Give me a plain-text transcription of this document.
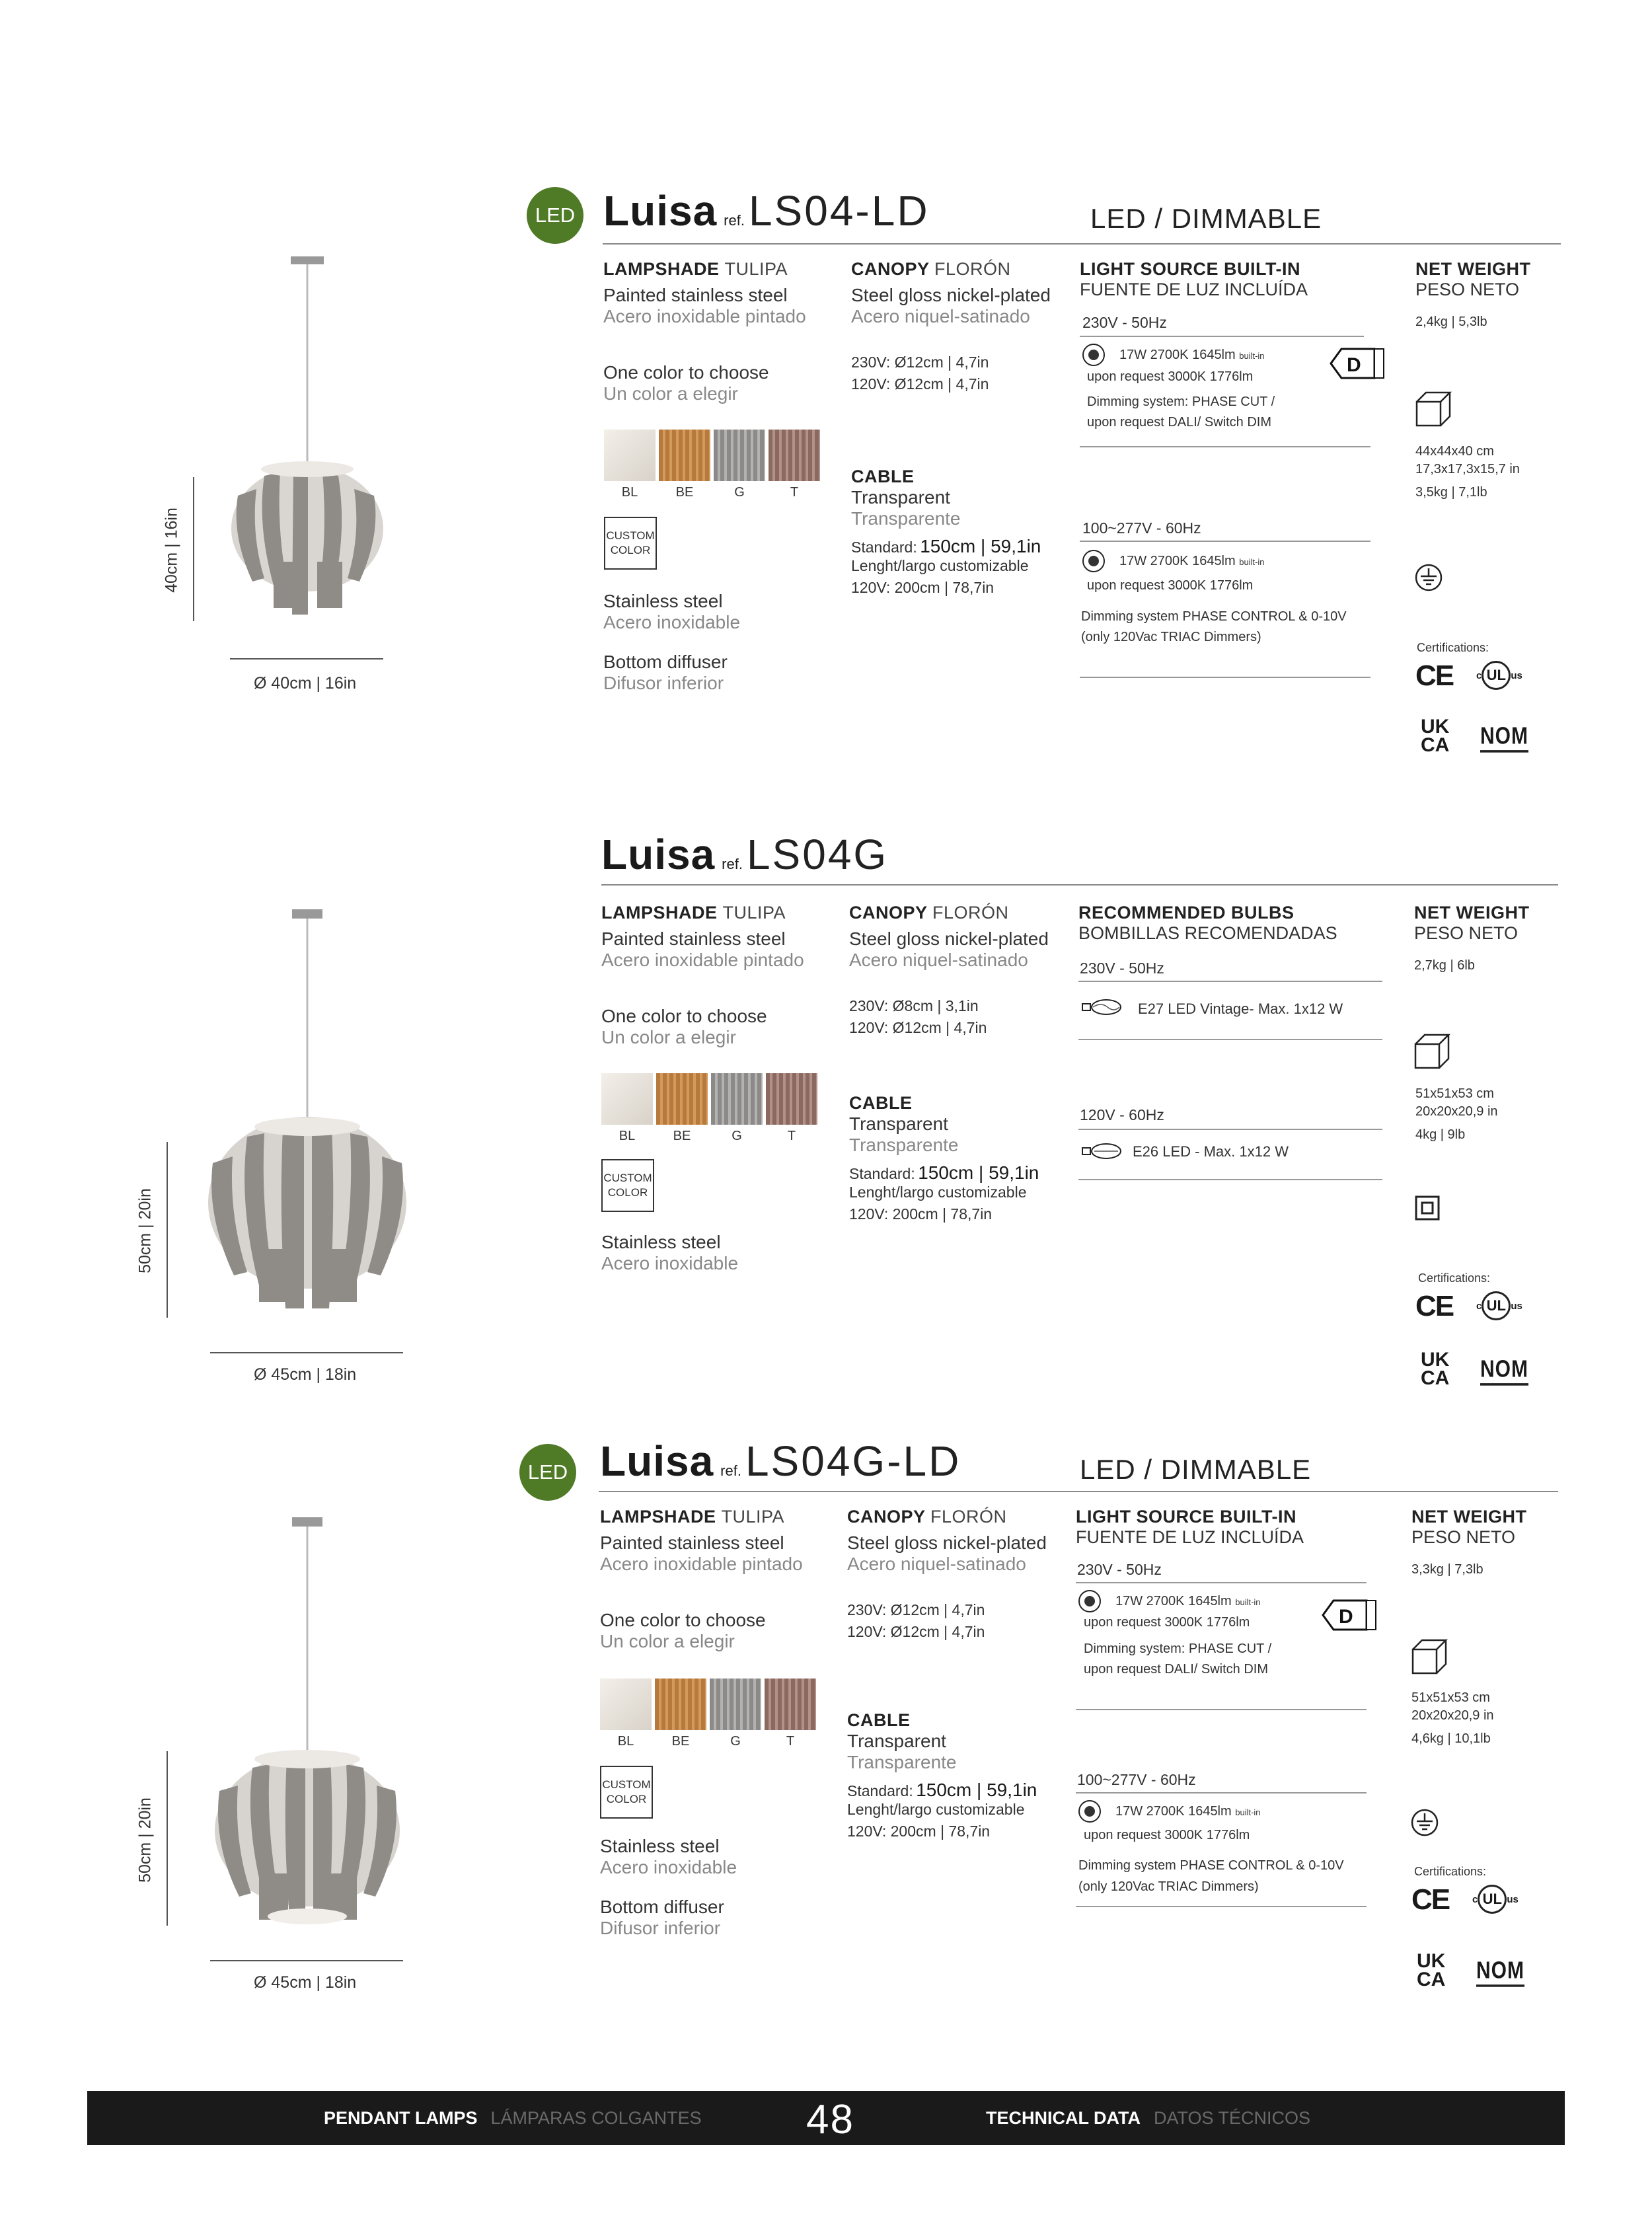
40cm | 16in
Ø 40cm | 16in
LED Luisa ref.LS04-LD	LED / DIMMABLE
LAMPSHADE TULIPA
Painted stainless steel
Acero inoxidable pintado
One color to choose
Un color a elegir
BL	BE	G	T
CUSTOM
COLOR
Stainless steel
Acero inoxidable
Bottom diffuser
Difusor inferior
CANOPY FLORÓN
Steel gloss nickel-plated
Acero niquel-satinado
230V: Ø12cm | 4,7in
120V: Ø12cm | 4,7in
CABLE
Transparent
Transparente
Standard: 150cm | 59,1in
Lenght/largo customizable
120V: 200cm | 78,7in
LIGHT SOURCE BUILT-IN
FUENTE DE LUZ INCLUÍDA
230V - 50Hz
17W 2700K 1645lm built-in
upon request 3000K 1776lm
D
Dimming system: PHASE CUT /
upon request DALI/ Switch DIM
100~277V - 60Hz
17W 2700K 1645lm built-in
upon request 3000K 1776lm
Dimming system PHASE CONTROL & 0-10V
(only 120Vac TRIAC Dimmers)
NET WEIGHT
PESO NETO
2,4kg | 5,3lb
44x44x40 cm
17,3x17,3x15,7 in
3,5kg | 7,1lb
Certifications:
CE c UL us
UK
CA NOM
50cm | 20in
Ø 45cm | 18in
Luisa ref.LS04G
LAMPSHADE TULIPA
Painted stainless steel
Acero inoxidable pintado
One color to choose
Un color a elegir
BL	BE	G	T
CUSTOM
COLOR
Stainless steel
Acero inoxidable
CANOPY FLORÓN
Steel gloss nickel-plated
Acero niquel-satinado
230V: Ø8cm | 3,1in
120V: Ø12cm | 4,7in
CABLE
Transparent
Transparente
Standard: 150cm | 59,1in
Lenght/largo customizable
120V: 200cm | 78,7in
RECOMMENDED BULBS
BOMBILLAS RECOMENDADAS
230V - 50Hz
E27 LED Vintage- Max. 1x12 W
120V - 60Hz
E26 LED - Max. 1x12 W
NET WEIGHT
PESO NETO
2,7kg | 6lb
51x51x53 cm
20x20x20,9 in
4kg | 9lb
Certifications:
CE c UL us
UK
CA NOM
50cm | 20in
Ø 45cm | 18in
LED Luisa ref.LS04G-LD	LED / DIMMABLE
LAMPSHADE TULIPA
Painted stainless steel
Acero inoxidable pintado
One color to choose
Un color a elegir
BL	BE	G	T
CUSTOM
COLOR
Stainless steel
Acero inoxidable
Bottom diffuser
Difusor inferior
CANOPY FLORÓN
Steel gloss nickel-plated
Acero niquel-satinado
230V: Ø12cm | 4,7in
120V: Ø12cm | 4,7in
CABLE
Transparent
Transparente
Standard: 150cm | 59,1in
Lenght/largo customizable
120V: 200cm | 78,7in
LIGHT SOURCE BUILT-IN
FUENTE DE LUZ INCLUÍDA
230V - 50Hz
17W 2700K 1645lm built-in
upon request 3000K 1776lm	D
Dimming system: PHASE CUT /
upon request DALI/ Switch DIM
100~277V - 60Hz
17W 2700K 1645lm built-in
upon request 3000K 1776lm
Dimming system PHASE CONTROL & 0-10V
(only 120Vac TRIAC Dimmers)
NET WEIGHT
PESO NETO
3,3kg | 7,3lb
51x51x53 cm
20x20x20,9 in
4,6kg | 10,1lb
Certifications:
CE c UL us
UK
CA NOM
PENDANT LAMPS LÁMPARAS COLGANTES	48	TECHNICAL DATA DATOS TÉCNICOS
